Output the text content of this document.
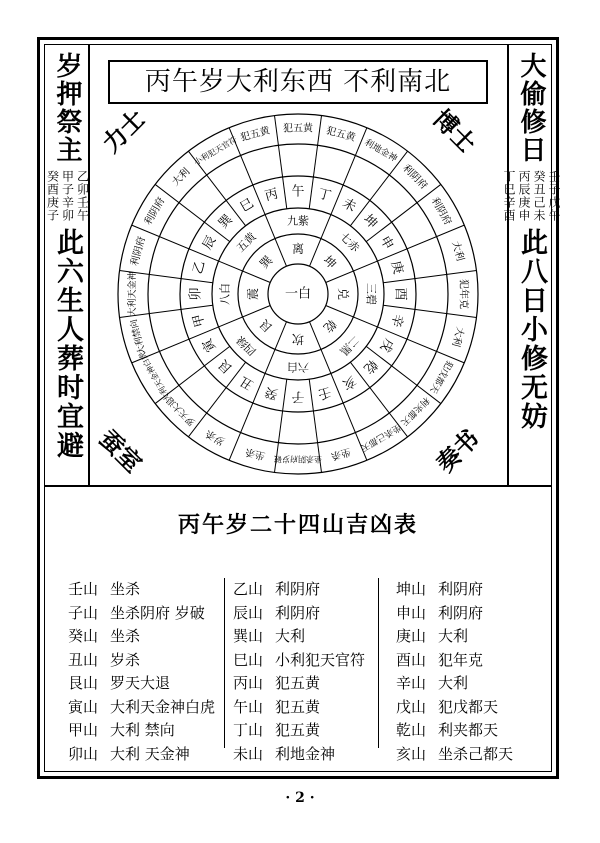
丙午岁大利东西 不利南北
岁押祭主
乙卯
甲子
癸酉
壬午
辛卯
庚子
此六生人葬时宜避
大偷修日
壬子
癸丑
丙辰
丁巳
戊午
己未
庚申
辛酉
此八日小修无妨
一白
离
坤
兑
乾
坎
艮
震
巽
九紫
七赤
三碧
二黑
六白
四绿
八白
五黄
午 丁
未
坤
申
庚
酉
辛
戌
乾
亥
壬
子
癸
丑
艮
寅
甲
卯
乙
辰
巽
巳
丙
犯五黄 犯五黄
利地金神
利阴府
利阴府
大利
犯年克
大利
犯戊都天
利夹都天
坐杀己都天
坐杀
坐杀阴府岁破
坐杀
岁杀
罗天大退
大利天金神白虎
大利禁向
大利天金神
利阴府
利阴府
大利
小利犯天官符
犯五黄
力士	博士
蚕室	奏书
丙午岁二十四山吉凶表
壬山 坐杀
子山 坐杀阴府 岁破
癸山 坐杀
丑山 岁杀
艮山 罗天大退
寅山 大利天金神白虎
甲山 大利 禁向
卯山 大利 天金神
乙山 利阴府
辰山 利阴府
巽山 大利
巳山 小利犯天官符
丙山 犯五黄
午山 犯五黄
丁山 犯五黄
未山 利地金神
坤山 利阴府
申山 利阴府
庚山 大利
酉山 犯年克
辛山 大利
戊山 犯戊都天
乾山 利夹都天
亥山 坐杀己都天
· 2 ·
